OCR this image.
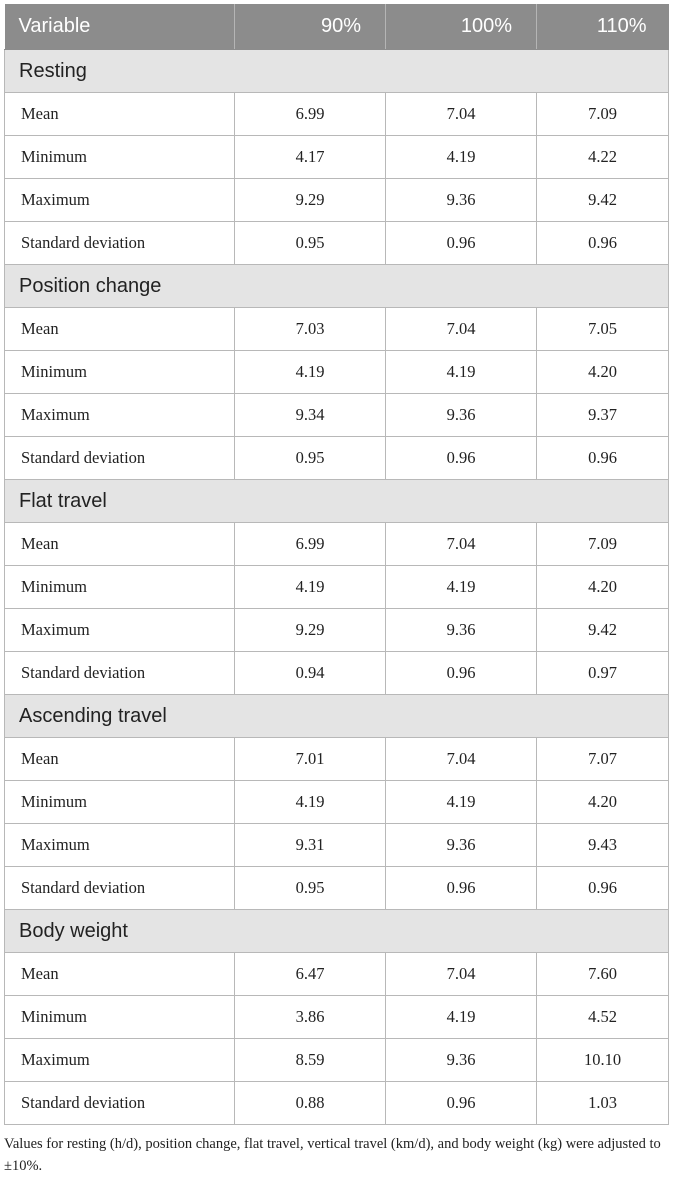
Variable	90%	100%	110%
Resting			
Mean	6.99	7.04	7.09
Minimum	4.17	4.19	4.22
Maximum	9.29	9.36	9.42
Standard deviation	0.95	0.96	0.96
Position change			
Mean	7.03	7.04	7.05
Minimum	4.19	4.19	4.20
Maximum	9.34	9.36	9.37
Standard deviation	0.95	0.96	0.96
Flat travel			
Mean	6.99	7.04	7.09
Minimum	4.19	4.19	4.20
Maximum	9.29	9.36	9.42
Standard deviation	0.94	0.96	0.97
Ascending travel			
Mean	7.01	7.04	7.07
Minimum	4.19	4.19	4.20
Maximum	9.31	9.36	9.43
Standard deviation	0.95	0.96	0.96
Body weight			
Mean	6.47	7.04	7.60
Minimum	3.86	4.19	4.52
Maximum	8.59	9.36	10.10
Standard deviation	0.88	0.96	1.03
Values for resting (h/d), position change, flat travel, vertical travel (km/d), and body weight (kg) were adjusted to ±10%.
